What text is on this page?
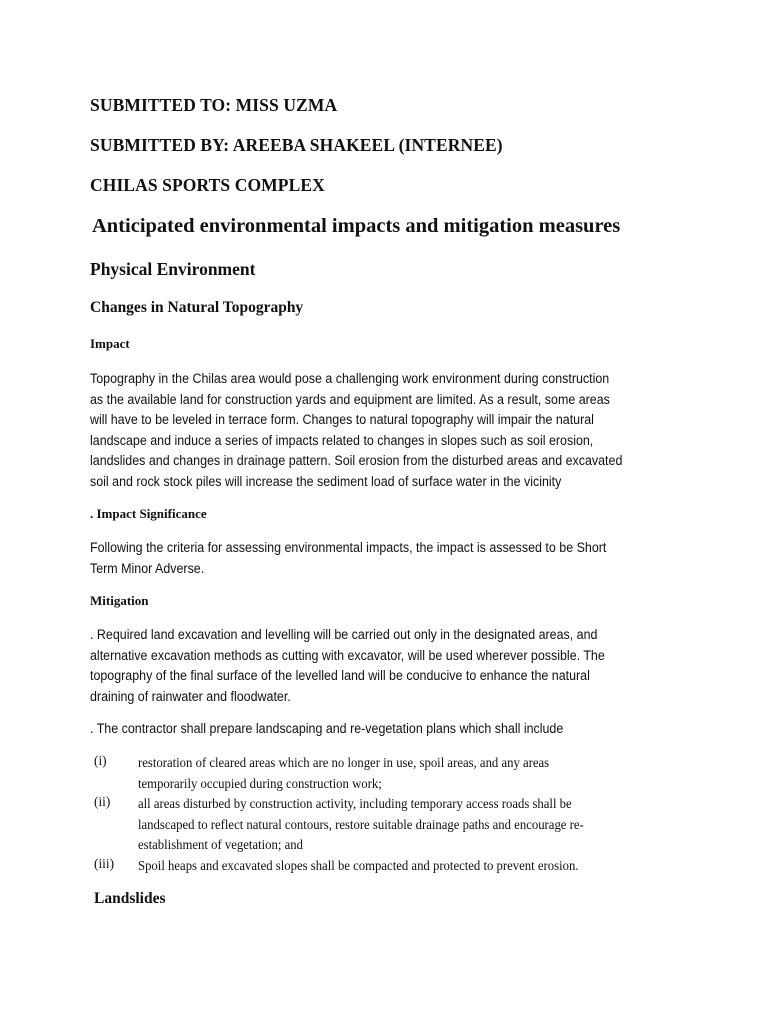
SUBMITTED TO: MISS UZMA
SUBMITTED BY: AREEBA SHAKEEL (INTERNEE)
CHILAS SPORTS COMPLEX
Anticipated environmental impacts and mitigation measures
Physical Environment
Changes in Natural Topography
Impact
Topography in the Chilas area would pose a challenging work environment during construction
as the available land for construction yards and equipment are limited. As a result, some areas
will have to be leveled in terrace form. Changes to natural topography will impair the natural
landscape and induce a series of impacts related to changes in slopes such as soil erosion,
landslides and changes in drainage pattern. Soil erosion from the disturbed areas and excavated
soil and rock stock piles will increase the sediment load of surface water in the vicinity
. Impact Significance
Following the criteria for assessing environmental impacts, the impact is assessed to be Short
Term Minor Adverse.
Mitigation
. Required land excavation and levelling will be carried out only in the designated areas, and
alternative excavation methods as cutting with excavator, will be used wherever possible. The
topography of the final surface of the levelled land will be conducive to enhance the natural
draining of rainwater and floodwater.
. The contractor shall prepare landscaping and re-vegetation plans which shall include
(i) restoration of cleared areas which are no longer in use, spoil areas, and any areas
temporarily occupied during construction work;
(ii) all areas disturbed by construction activity, including temporary access roads shall be
landscaped to reflect natural contours, restore suitable drainage paths and encourage re-
establishment of vegetation; and
(iii) Spoil heaps and excavated slopes shall be compacted and protected to prevent erosion.
Landslides
